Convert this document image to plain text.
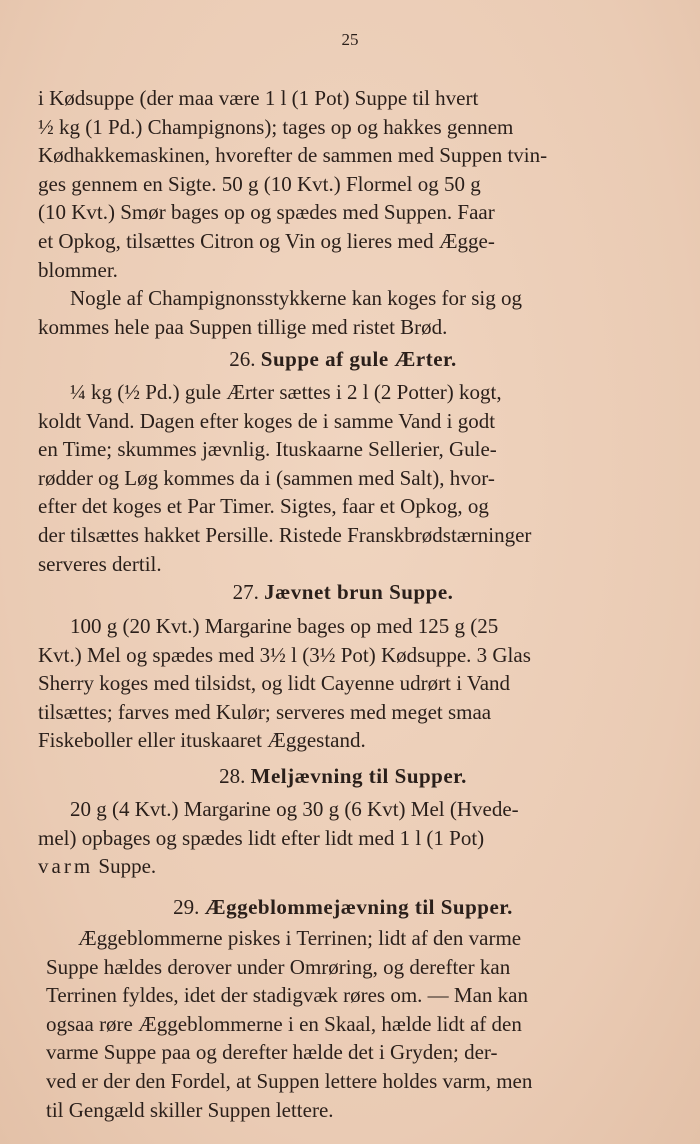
25
i Kødsuppe (der maa være 1 l (1 Pot) Suppe til hvert
½ kg (1 Pd.) Champignons); tages op og hakkes gennem
Kødhakkemaskinen, hvorefter de sammen med Suppen tvin-
ges gennem en Sigte. 50 g (10 Kvt.) Flormel og 50 g
(10 Kvt.) Smør bages op og spædes med Suppen. Faar
et Opkog, tilsættes Citron og Vin og lieres med Ægge-
blommer.
Nogle af Champignonsstykkerne kan koges for sig og
kommes hele paa Suppen tillige med ristet Brød.
26. Suppe af gule Ærter.
¼ kg (½ Pd.) gule Ærter sættes i 2 l (2 Potter) kogt,
koldt Vand. Dagen efter koges de i samme Vand i godt
en Time; skummes jævnlig. Ituskaarne Sellerier, Gule-
rødder og Løg kommes da i (sammen med Salt), hvor-
efter det koges et Par Timer. Sigtes, faar et Opkog, og
der tilsættes hakket Persille. Ristede Franskbrødstærninger
serveres dertil.
27. Jævnet brun Suppe.
100 g (20 Kvt.) Margarine bages op med 125 g (25
Kvt.) Mel og spædes med 3½ l (3½ Pot) Kødsuppe. 3 Glas
Sherry koges med tilsidst, og lidt Cayenne udrørt i Vand
tilsættes; farves med Kulør; serveres med meget smaa
Fiskeboller eller ituskaaret Æggestand.
28. Meljævning til Supper.
20 g (4 Kvt.) Margarine og 30 g (6 Kvt) Mel (Hvede-
mel) opbages og spædes lidt efter lidt med 1 l (1 Pot)
varm Suppe.
29. Æggeblommejævning til Supper.
Æggeblommerne piskes i Terrinen; lidt af den varme
Suppe hældes derover under Omrøring, og derefter kan
Terrinen fyldes, idet der stadigvæk røres om. — Man kan
ogsaa røre Æggeblommerne i en Skaal, hælde lidt af den
varme Suppe paa og derefter hælde det i Gryden; der-
ved er der den Fordel, at Suppen lettere holdes varm, men
til Gengæld skiller Suppen lettere.
